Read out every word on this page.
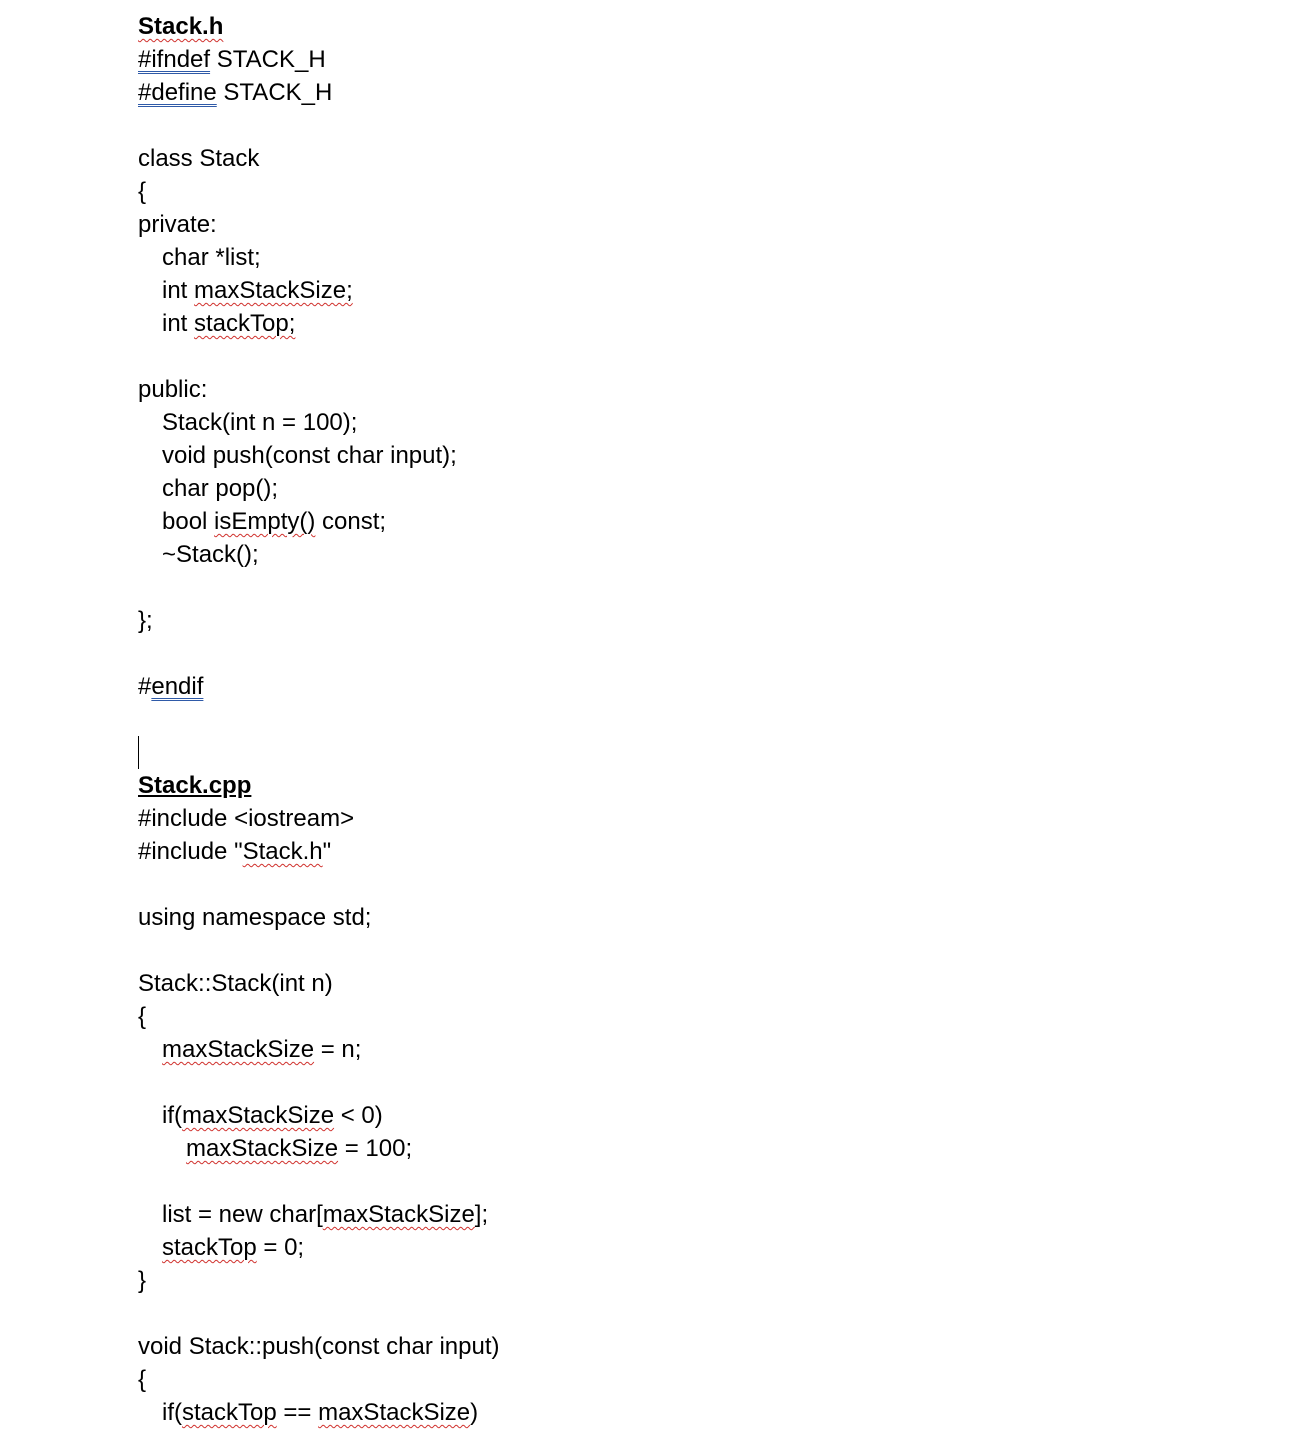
Stack.h
#ifndef STACK_H
#define STACK_H
class Stack
{
private:
char *list;
int maxStackSize;
int stackTop;
public:
Stack(int n = 100);
void push(const char input);
char pop();
bool isEmpty() const;
~Stack();
};
#endif
Stack.cpp
#include <iostream>
#include "Stack.h"
using namespace std;
Stack::Stack(int n)
{
maxStackSize = n;
if(maxStackSize < 0)
maxStackSize = 100;
list = new char[maxStackSize];
stackTop = 0;
}
void Stack::push(const char input)
{
if(stackTop == maxStackSize)
